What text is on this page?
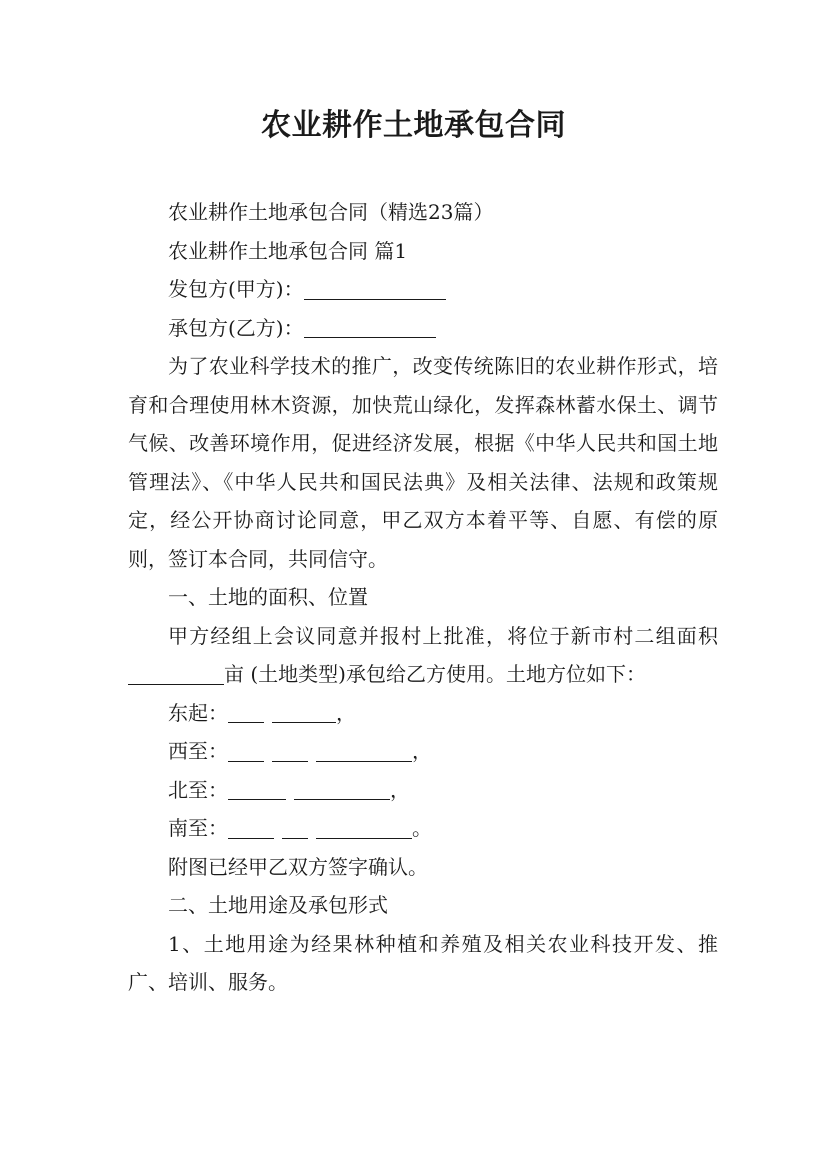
农业耕作土地承包合同

农业耕作土地承包合同（精选23篇）

农业耕作土地承包合同 篇1

发包方(甲方)：

承包方(乙方)：

为了农业科学技术的推广，改变传统陈旧的农业耕作形式，培育和合理使用林木资源，加快荒山绿化，发挥森林蓄水保土、调节气候、改善环境作用，促进经济发展，根据《中华人民共和国土地管理法》、《中华人民共和国民法典》及相关法律、法规和政策规定，经公开协商讨论同意，甲乙双方本着平等、自愿、有偿的原则，签订本合同，共同信守。

一、土地的面积、位置

甲方经组上会议同意并报村上批准，将位于新市村二组面积亩 (土地类型)承包给乙方使用。土地方位如下：

东起：	，

西至：	，

北至：	，

南至：	。

附图已经甲乙双方签字确认。

二、土地用途及承包形式

1、土地用途为经果林种植和养殖及相关农业科技开发、推广、培训、服务。
